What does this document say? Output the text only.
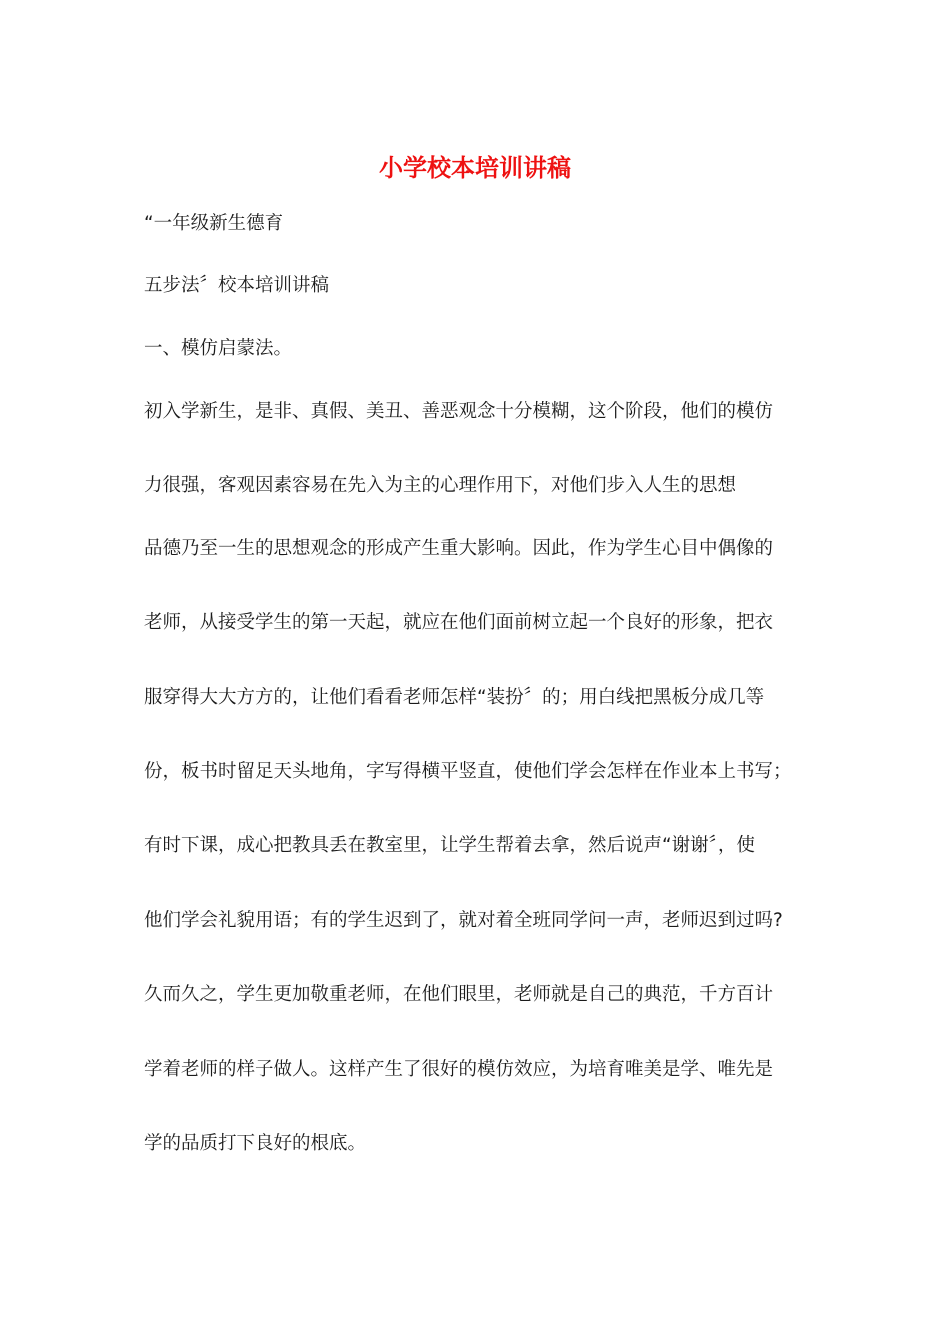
小学校本培训讲稿

“一年级新生德育

五步法〞校本培训讲稿

一、模仿启蒙法。

初入学新生，是非、真假、美丑、善恶观念十分模糊，这个阶段，他们的模仿

力很强，客观因素容易在先入为主的心理作用下，对他们步入人生的思想

品德乃至一生的思想观念的形成产生重大影响。因此，作为学生心目中偶像的

老师，从接受学生的第一天起，就应在他们面前树立起一个良好的形象，把衣

服穿得大大方方的，让他们看看老师怎样“装扮〞的；用白线把黑板分成几等

份，板书时留足天头地角，字写得横平竖直，使他们学会怎样在作业本上书写；

有时下课，成心把教具丢在教室里，让学生帮着去拿，然后说声“谢谢〞，使

他们学会礼貌用语；有的学生迟到了，就对着全班同学问一声，老师迟到过吗?

久而久之，学生更加敬重老师，在他们眼里，老师就是自己的典范，千方百计

学着老师的样子做人。这样产生了很好的模仿效应，为培育唯美是学、唯先是

学的品质打下良好的根底。
